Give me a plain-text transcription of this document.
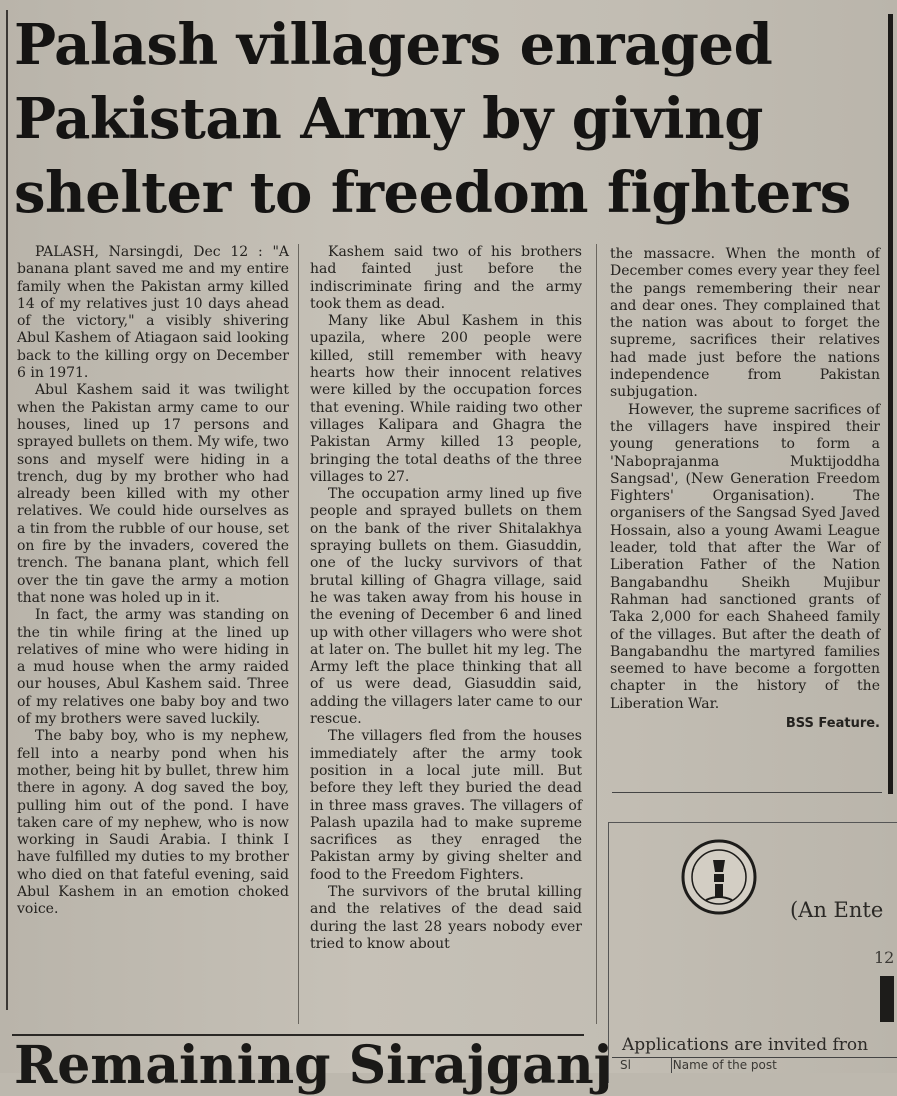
Palash villagers enraged
Pakistan Army by giving
shelter to freedom fighters

PALASH, Narsingdi, Dec 12 : "A banana plant saved me and my entire family when the Pakistan army killed 14 of my relatives just 10 days ahead of the victory," a visibly shivering Abul Kashem of Atiagaon said looking back to the killing orgy on December 6 in 1971.

Abul Kashem said it was twilight when the Pakistan army came to our houses, lined up 17 persons and sprayed bullets on them. My wife, two sons and myself were hiding in a trench, dug by my brother who had already been killed with my other relatives. We could hide ourselves as a tin from the rubble of our house, set on fire by the invaders, covered the trench. The banana plant, which fell over the tin gave the army a motion that none was holed up in it.

In fact, the army was standing on the tin while firing at the lined up relatives of mine who were hiding in a mud house when the army raided our houses, Abul Kashem said. Three of my relatives one baby boy and two of my brothers were saved luckily.

The baby boy, who is my nephew, fell into a nearby pond when his mother, being hit by bullet, threw him there in agony. A dog saved the boy, pulling him out of the pond. I have taken care of my nephew, who is now working in Saudi Arabia. I think I have fulfilled my duties to my brother who died on that fateful evening, said Abul Kashem in an emotion choked voice.

Kashem said two of his brothers had fainted just before the indiscriminate firing and the army took them as dead.

Many like Abul Kashem in this upazila, where 200 people were killed, still remember with heavy hearts how their innocent relatives were killed by the occupation forces that evening. While raiding two other villages Kalipara and Ghagra the Pakistan Army killed 13 people, bringing the total deaths of the three villages to 27.

The occupation army lined up five people and sprayed bullets on them on the bank of the river Shitalakhya spraying bullets on them. Giasuddin, one of the lucky survivors of that brutal killing of Ghagra village, said he was taken away from his house in the evening of December 6 and lined up with other villagers who were shot at later on. The bullet hit my leg. The Army left the place thinking that all of us were dead, Giasuddin said, adding the villagers later came to our rescue.

The villagers fled from the houses immediately after the army took position in a local jute mill. But before they left they buried the dead in three mass graves. The villagers of Palash upazila had to make supreme sacrifices as they enraged the Pakistan army by giving shelter and food to the Freedom Fighters.

The survivors of the brutal killing and the relatives of the dead said during the last 28 years nobody ever tried to know about

the massacre. When the month of December comes every year they feel the pangs remembering their near and dear ones. They complained that the nation was about to forget the supreme, sacrifices their relatives had made just before the nations independence from Pakistan subjugation.

However, the supreme sacrifices of the villagers have inspired their young generations to form a 'Naboprajanma Muktijoddha Sangsad', (New Generation Freedom Fighters' Organisation). The organisers of the Sangsad Syed Javed Hossain, also a young Awami League leader, told that after the War of Liberation Father of the Nation Bangabandhu Sheikh Mujibur Rahman had sanctioned grants of Taka 2,000 for each Shaheed family of the villages. But after the death of Bangabandhu the martyred families seemed to have become a forgotten chapter in the history of the Liberation War.

BSS Feature.
Remaining Sirajganj
(An Ente
12
Applications are invited fron
Sl	Name of the post
